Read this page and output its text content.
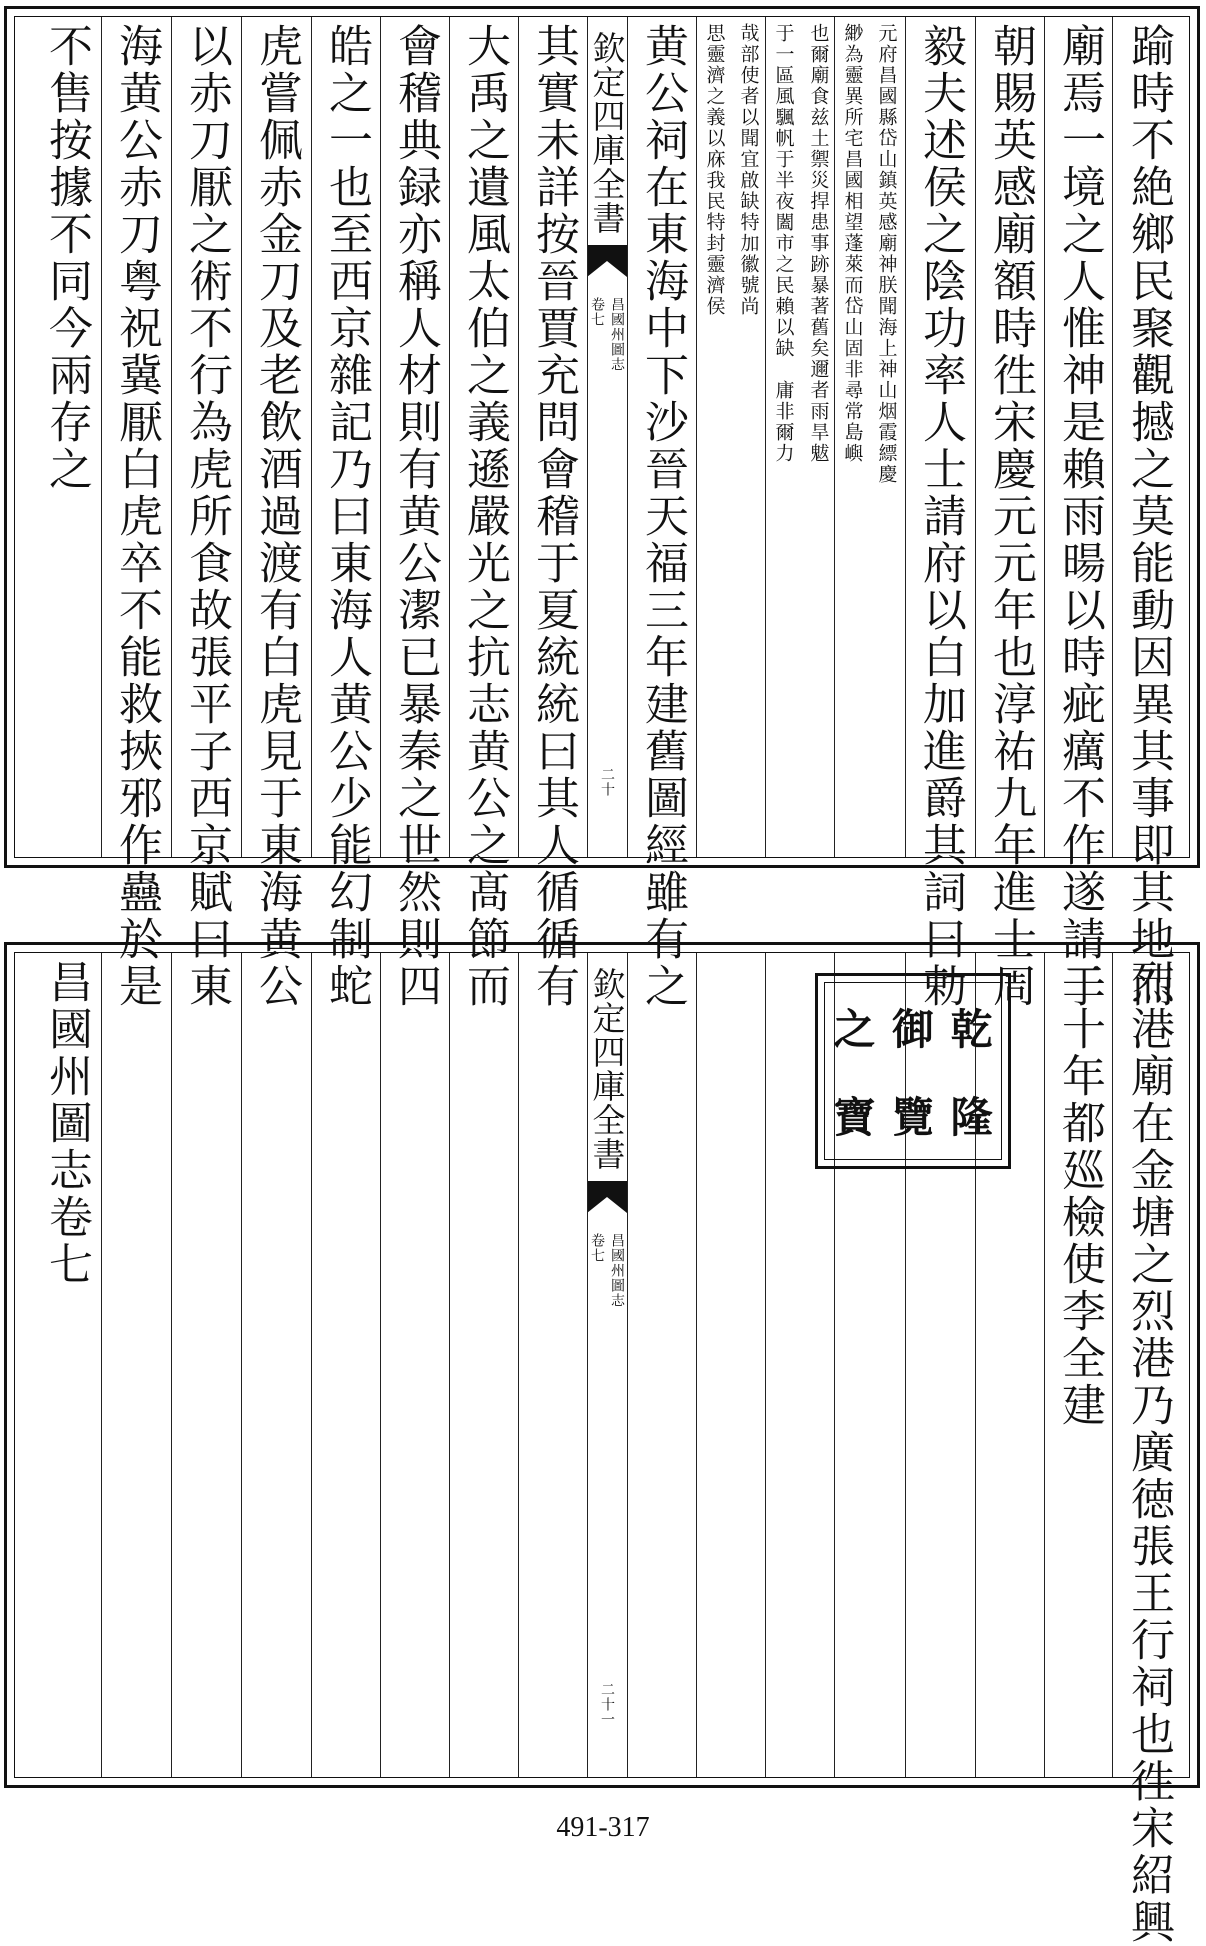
踰時不絶鄉民聚觀撼之莫能動因異其事即其地而
廟焉一境之人惟神是賴雨暘以時疵癘不作遂請于
朝賜英感廟額時徃宋慶元元年也淳祐九年進士周
毅夫述侯之陰功率人士請府以白加進爵其詞曰勅
元府昌國縣岱山鎮英感廟神朕聞海上神山烟霞縹慶
緲為靈異所宅昌國相望蓬萊而岱山固非尋常島嶼
也爾廟食兹土禦災捍患事跡暴著舊矣邇者雨旱魃
于一區風颿帆于半夜闔市之民賴以缺　庸非爾力
哉部使者以聞宜啟缺特加徽號尚
思靈濟之義以庥我民特封靈濟侯
黄公祠在東海中下沙晉天福三年建舊圖經雖有之
欽定四庫全書
昌國州圖志
卷七
二十
其實未詳按晉賈充問會稽于夏統統曰其人循循有
大禹之遺風太伯之義遜嚴光之抗志黄公之髙節而
會稽典録亦稱人材則有黄公潔已暴秦之世然則四
皓之一也至西京雜記乃曰東海人黄公少能幻制蛇
虎嘗佩赤金刀及老飲酒過渡有白虎見于東海黄公
以赤刀厭之術不行為虎所食故張平子西京賦曰東
海黄公赤刀粤祝冀厭白虎卒不能救挾邪作蠱於是
不售按據不同今兩存之
烈港廟在金塘之烈港乃廣徳張王行祠也徃宋紹興
二十年都廵檢使李全建
乾
隆
御
覽
之
寶
欽定四庫全書
昌國州圖志
卷七
二十一
昌國州圖志卷七
491-317
